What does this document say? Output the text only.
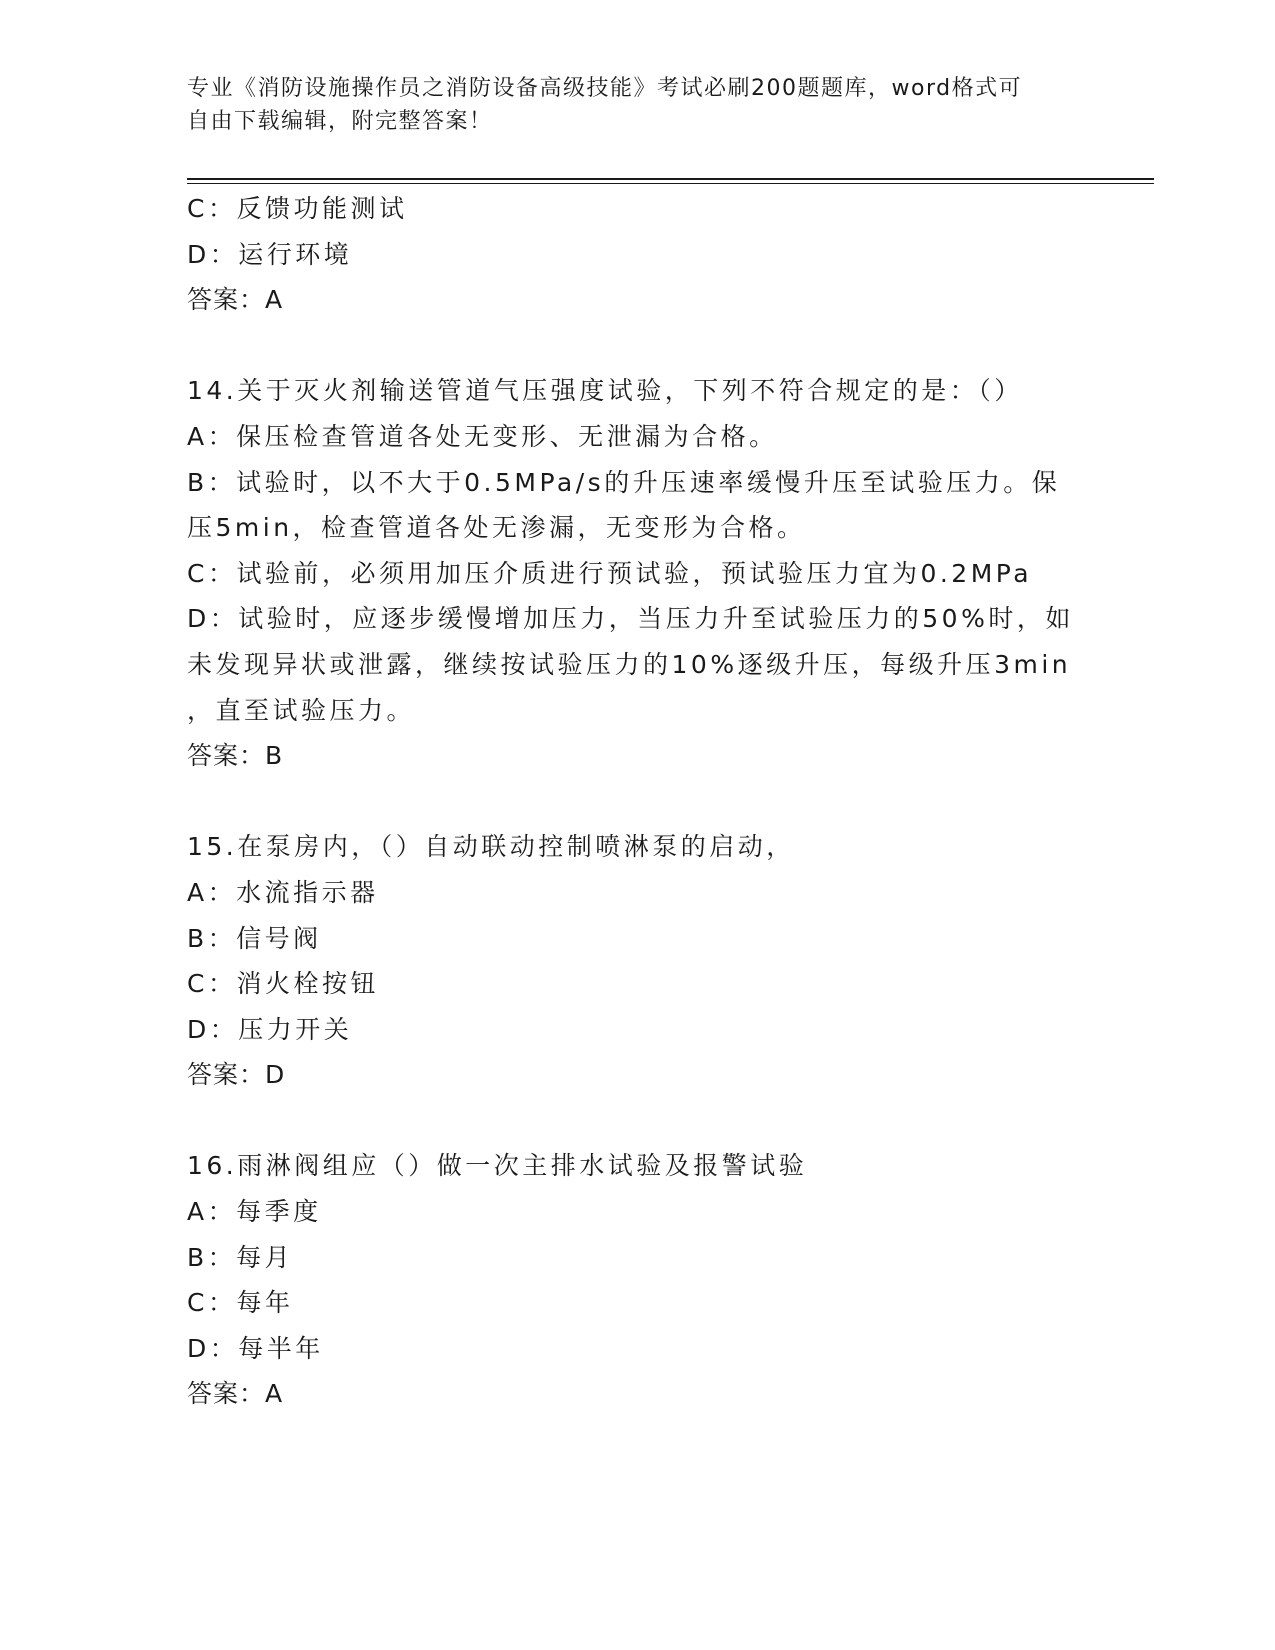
专业《消防设施操作员之消防设备高级技能》考试必刷200题题库，word格式可
自由下载编辑，附完整答案！
C：反馈功能测试
D：运行环境
答案：A
14.关于灭火剂输送管道气压强度试验，下列不符合规定的是：（）
A：保压检查管道各处无变形、无泄漏为合格。
B：试验时，以不大于0.5MPa/s的升压速率缓慢升压至试验压力。保
压5min，检查管道各处无渗漏，无变形为合格。
C：试验前，必须用加压介质进行预试验，预试验压力宜为0.2MPa
D：试验时，应逐步缓慢增加压力，当压力升至试验压力的50%时，如
未发现异状或泄露，继续按试验压力的10%逐级升压，每级升压3min
，直至试验压力。
答案：B
15.在泵房内，（）自动联动控制喷淋泵的启动，
A：水流指示器
B：信号阀
C：消火栓按钮
D：压力开关
答案：D
16.雨淋阀组应（）做一次主排水试验及报警试验
A：每季度
B：每月
C：每年
D：每半年
答案：A
